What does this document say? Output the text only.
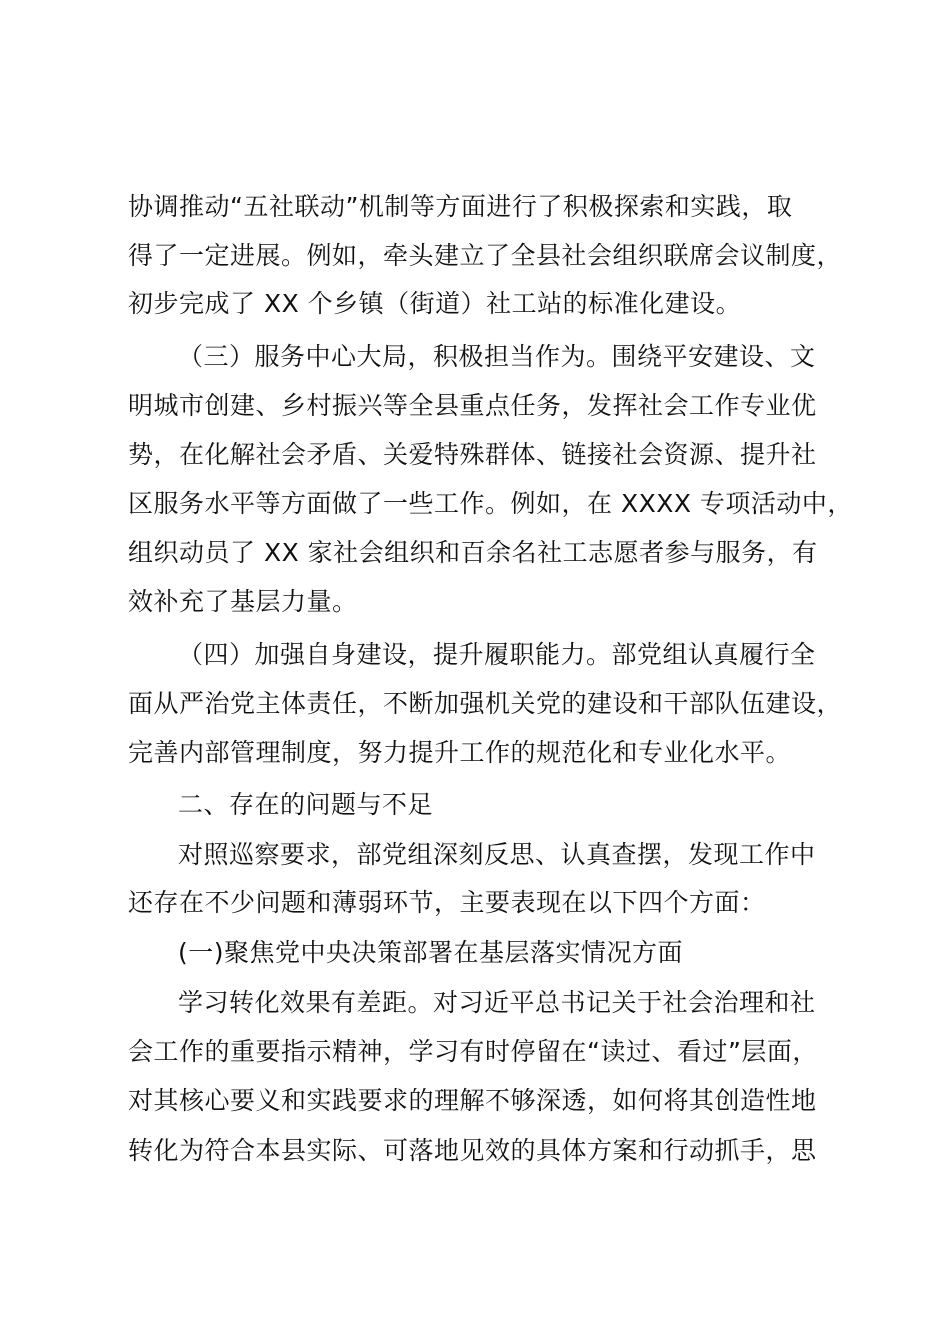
协调推动“五社联动”机制等方面进行了积极探索和实践，取
得了一定进展。例如，牵头建立了全县社会组织联席会议制度，
初步完成了 XX 个乡镇（街道）社工站的标准化建设。
（三）服务中心大局，积极担当作为。围绕平安建设、文
明城市创建、乡村振兴等全县重点任务，发挥社会工作专业优
势，在化解社会矛盾、关爱特殊群体、链接社会资源、提升社
区服务水平等方面做了一些工作。例如，在 XXXX 专项活动中，
组织动员了 XX 家社会组织和百余名社工志愿者参与服务，有
效补充了基层力量。
（四）加强自身建设，提升履职能力。部党组认真履行全
面从严治党主体责任，不断加强机关党的建设和干部队伍建设，
完善内部管理制度，努力提升工作的规范化和专业化水平。
二、存在的问题与不足
对照巡察要求，部党组深刻反思、认真查摆，发现工作中
还存在不少问题和薄弱环节，主要表现在以下四个方面：
(一)聚焦党中央决策部署在基层落实情况方面
学习转化效果有差距。对习近平总书记关于社会治理和社
会工作的重要指示精神，学习有时停留在“读过、看过”层面，
对其核心要义和实践要求的理解不够深透，如何将其创造性地
转化为符合本县实际、可落地见效的具体方案和行动抓手，思
